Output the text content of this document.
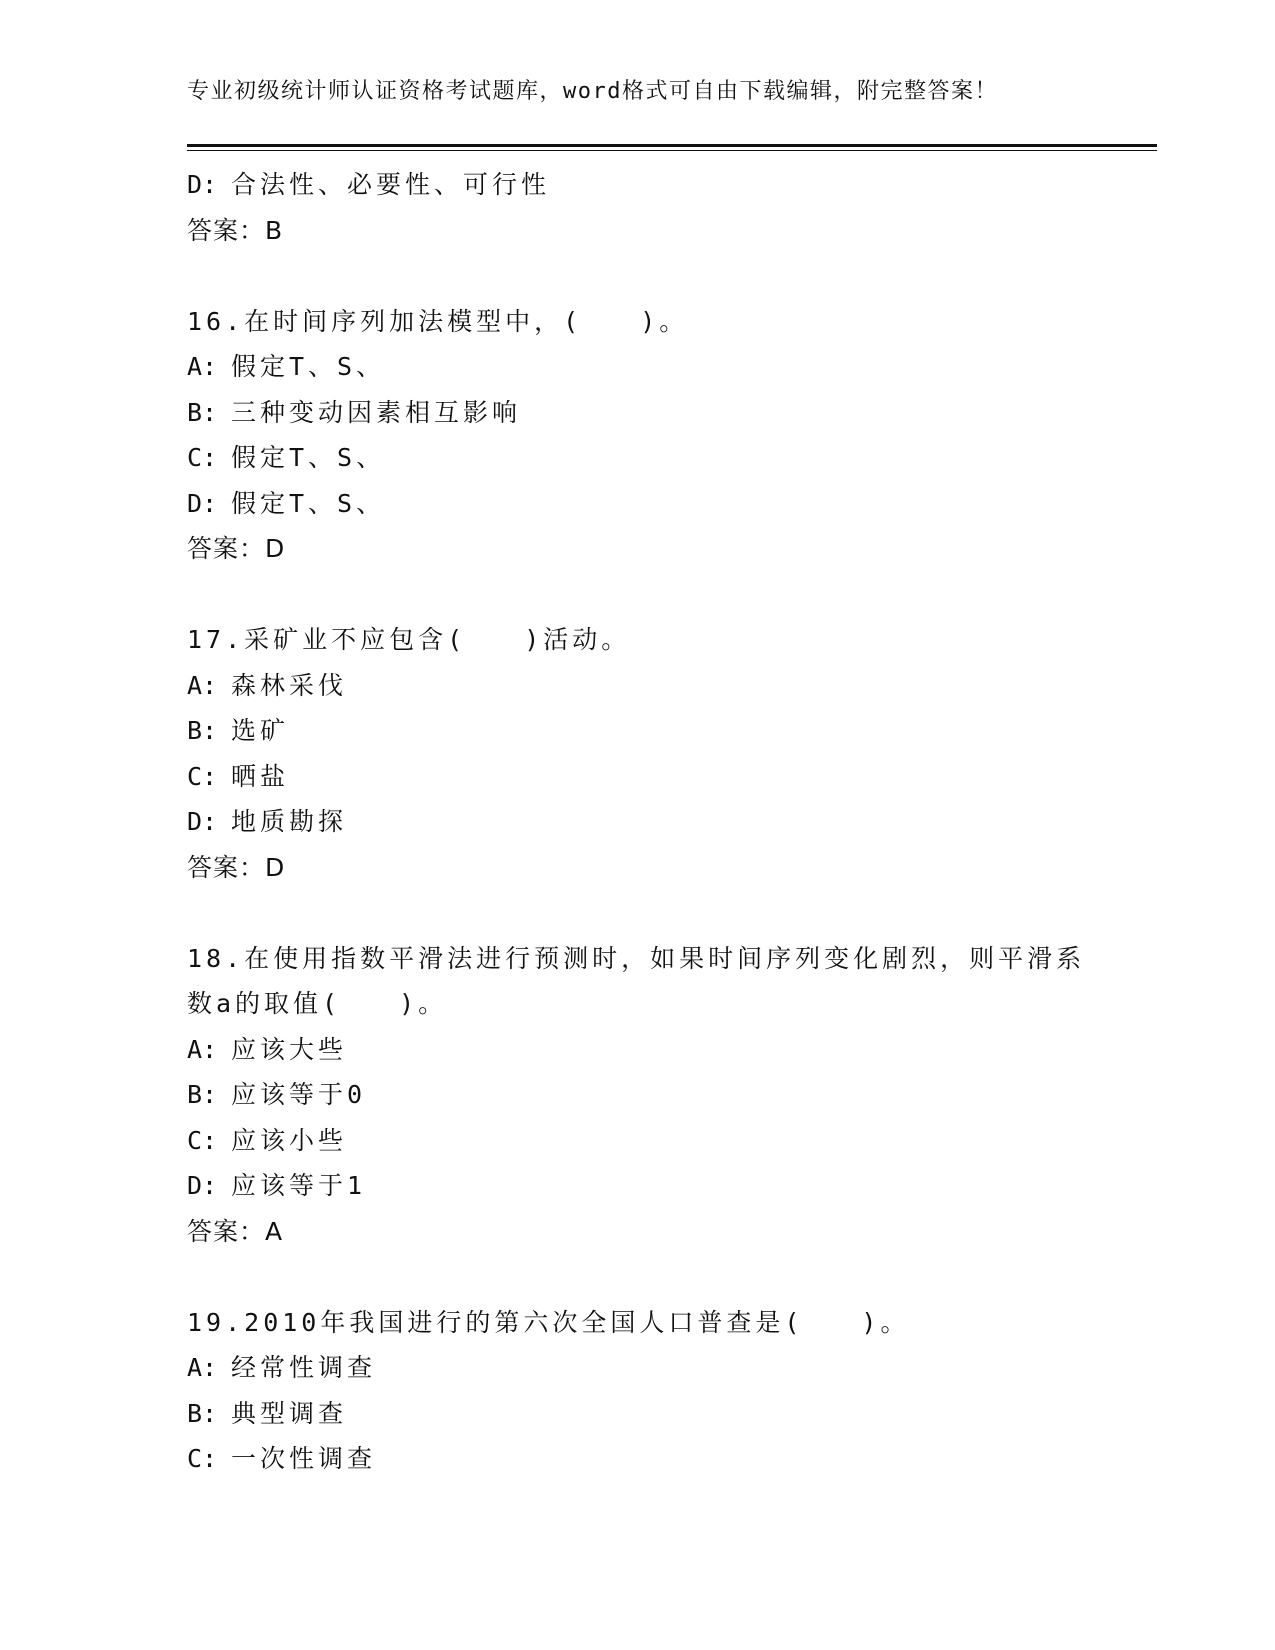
专业初级统计师认证资格考试题库，word格式可自由下载编辑，附完整答案！
D: 合法性、必要性、可行性
答案：B
16.在时间序列加法模型中，(　　)。
A: 假定T、S、
B: 三种变动因素相互影响
C: 假定T、S、
D: 假定T、S、
答案：D
17.采矿业不应包含(　　)活动。
A: 森林采伐
B: 选矿
C: 晒盐
D: 地质勘探
答案：D
18.在使用指数平滑法进行预测时，如果时间序列变化剧烈，则平滑系
数a的取值(　　)。
A: 应该大些
B: 应该等于0
C: 应该小些
D: 应该等于1
答案：A
19.2010年我国进行的第六次全国人口普查是(　　)。
A: 经常性调查
B: 典型调查
C: 一次性调查
